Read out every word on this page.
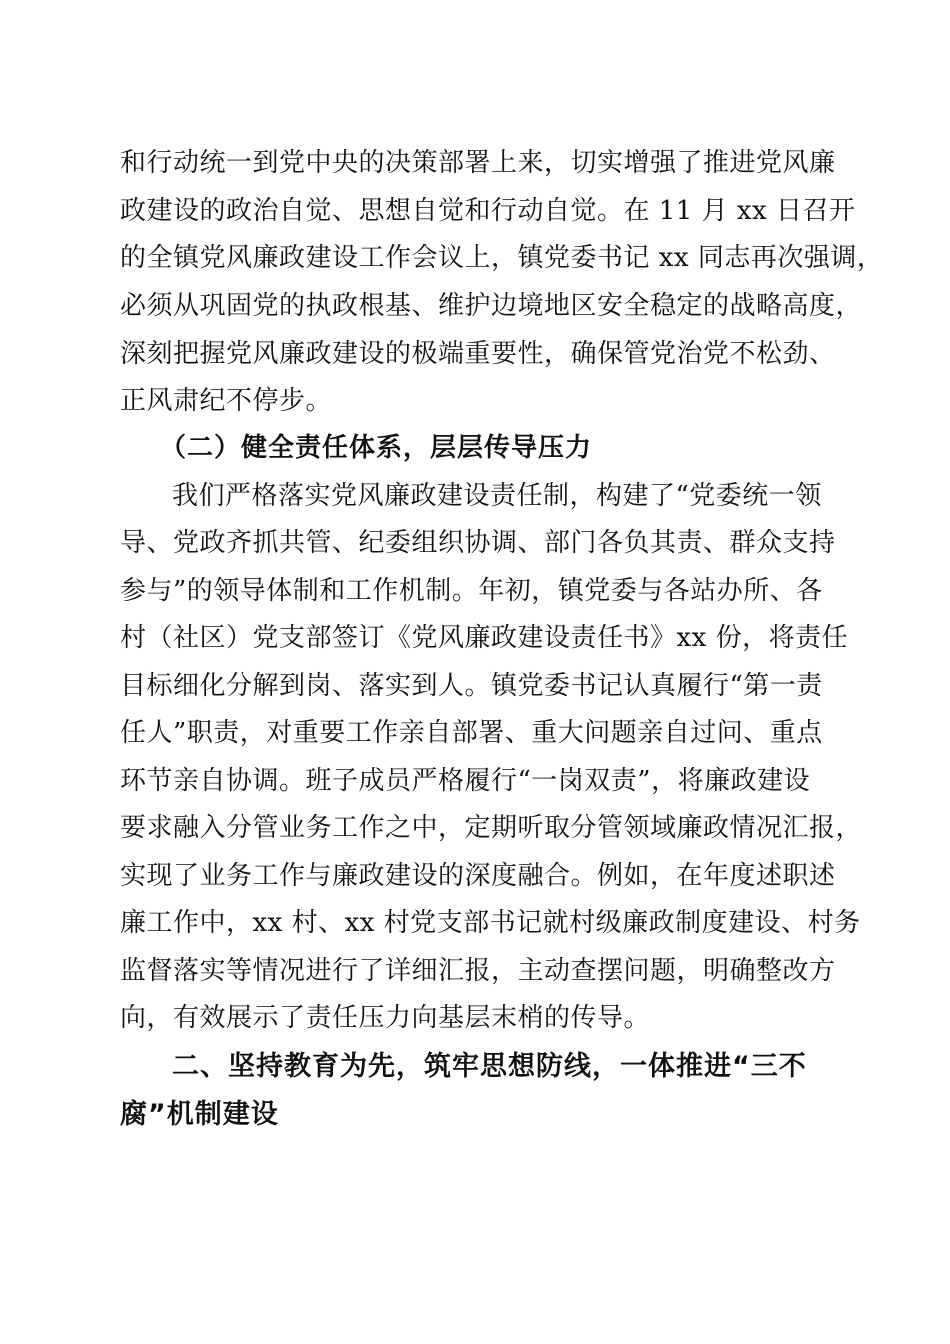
和行动统一到党中央的决策部署上来，切实增强了推进党风廉
政建设的政治自觉、思想自觉和行动自觉。在 11 月 xx 日召开
的全镇党风廉政建设工作会议上，镇党委书记 xx 同志再次强调，
必须从巩固党的执政根基、维护边境地区安全稳定的战略高度，
深刻把握党风廉政建设的极端重要性，确保管党治党不松劲、
正风肃纪不停步。
（二）健全责任体系，层层传导压力
我们严格落实党风廉政建设责任制，构建了“党委统一领
导、党政齐抓共管、纪委组织协调、部门各负其责、群众支持
参与”的领导体制和工作机制。年初，镇党委与各站办所、各
村（社区）党支部签订《党风廉政建设责任书》xx 份，将责任
目标细化分解到岗、落实到人。镇党委书记认真履行“第一责
任人”职责，对重要工作亲自部署、重大问题亲自过问、重点
环节亲自协调。班子成员严格履行“一岗双责”，将廉政建设
要求融入分管业务工作之中，定期听取分管领域廉政情况汇报，
实现了业务工作与廉政建设的深度融合。例如，在年度述职述
廉工作中，xx 村、xx 村党支部书记就村级廉政制度建设、村务
监督落实等情况进行了详细汇报，主动查摆问题，明确整改方
向，有效展示了责任压力向基层末梢的传导。
二、坚持教育为先，筑牢思想防线，一体推进“三不
腐”机制建设
